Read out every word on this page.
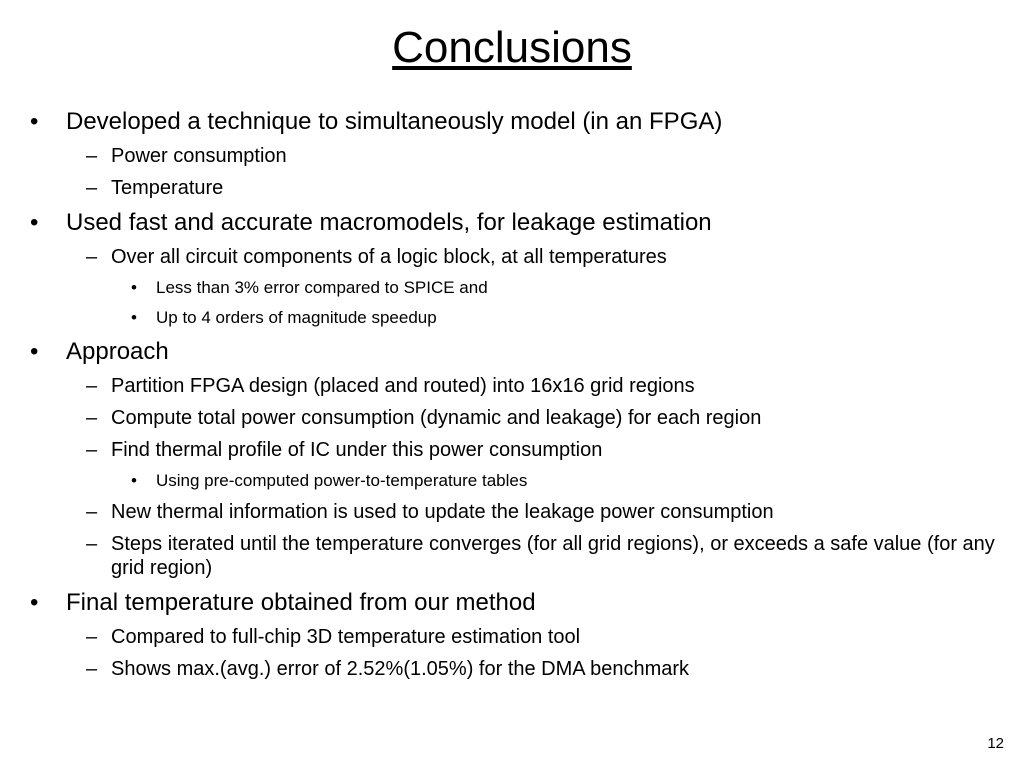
Conclusions
• Developed a technique to simultaneously model (in an FPGA)
– Power consumption
– Temperature
• Used fast and accurate macromodels, for leakage estimation
– Over all circuit components of a logic block, at all temperatures
• Less than 3% error compared to SPICE and
• Up to 4 orders of magnitude speedup
• Approach
– Partition FPGA design (placed and routed) into 16x16 grid regions
– Compute total power consumption (dynamic and leakage) for each region
– Find thermal profile of IC under this power consumption
• Using pre-computed power-to-temperature tables
– New thermal information is used to update the leakage power consumption
– Steps iterated until the temperature converges (for all grid regions), or exceeds a safe value (for any grid region)
• Final temperature obtained from our method
– Compared to full-chip 3D temperature estimation tool
– Shows max.(avg.) error of 2.52%(1.05%) for the DMA benchmark
12
